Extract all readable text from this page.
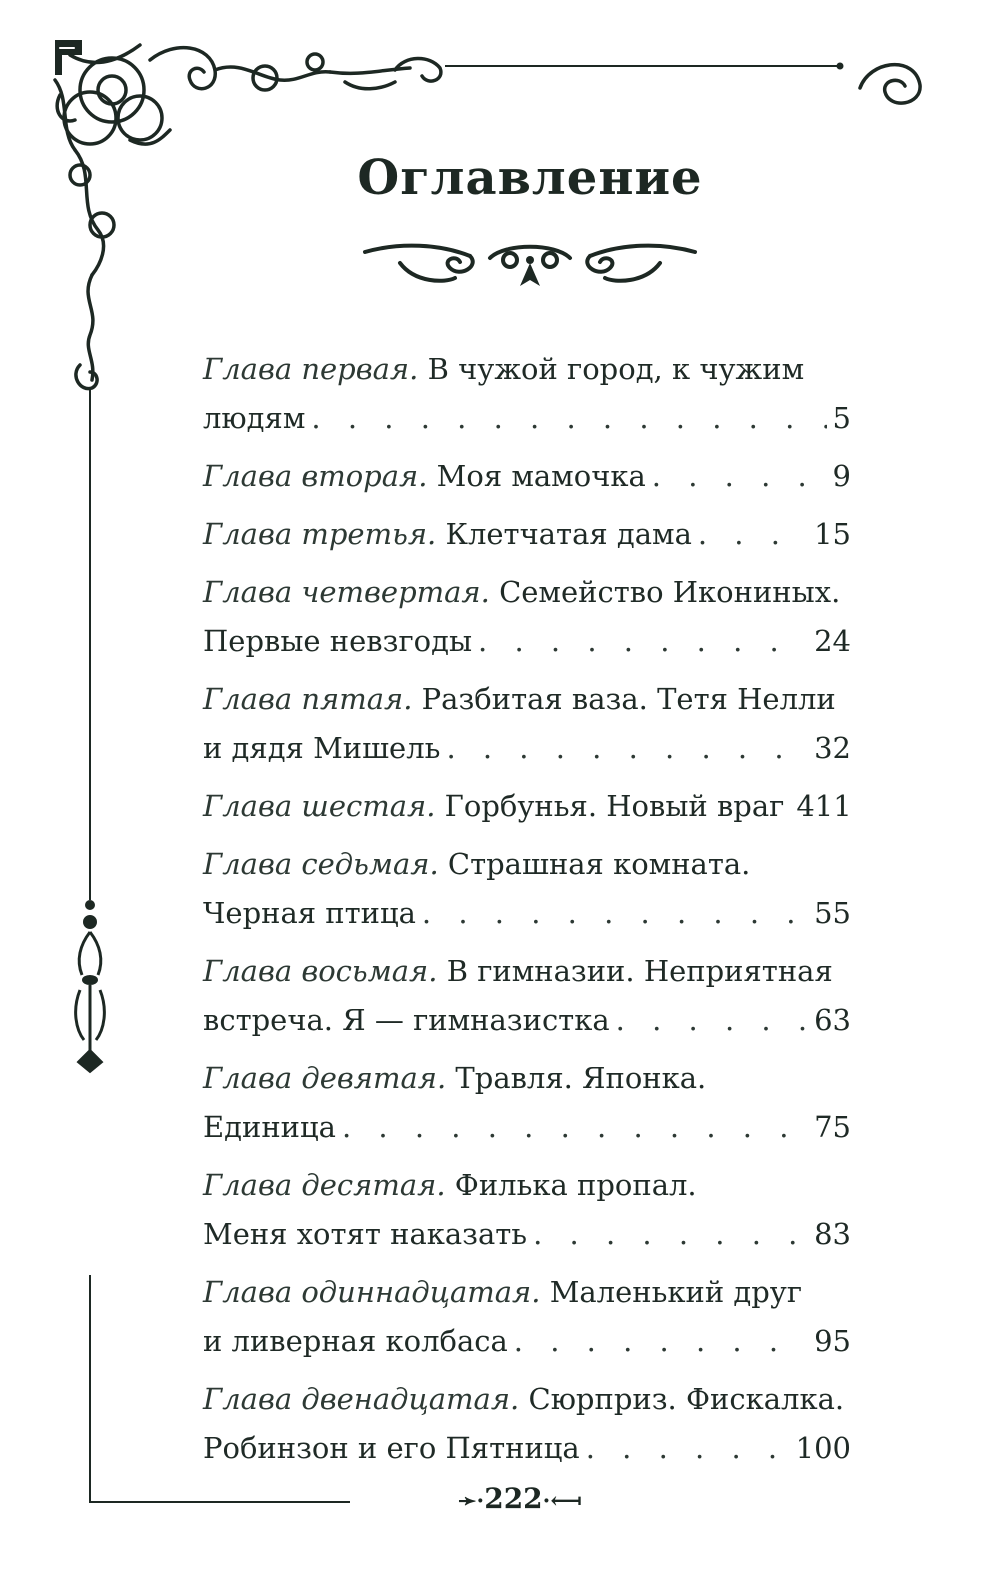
Оглавление
Глава первая. В чужой город, к чужим
людям . . .	5
Глава вторая. Моя мамочка . . .	9
Глава третья. Клетчатая дама . . .	15
Глава четвертая. Семейство Икониных.
Первые невзгоды . . .	24
Глава пятая. Разбитая ваза. Тетя Нелли
и дядя Мишель . . .	32
Глава шестая. Горбунья. Новый враг 411
Глава седьмая. Страшная комната.
Черная птица . . .	55
Глава восьмая. В гимназии. Неприятная
встреча. Я — гимназистка . . .	63
Глава девятая. Травля. Японка.
Единица . . .	75
Глава десятая. Филька пропал.
Меня хотят наказать . . .	83
Глава одиннадцатая. Маленький друг
и ливерная колбаса . . .	95
Глава двенадцатая. Сюрприз. Фискалка.
Робинзон и его Пятница . . .	100
➛·222·⟻
